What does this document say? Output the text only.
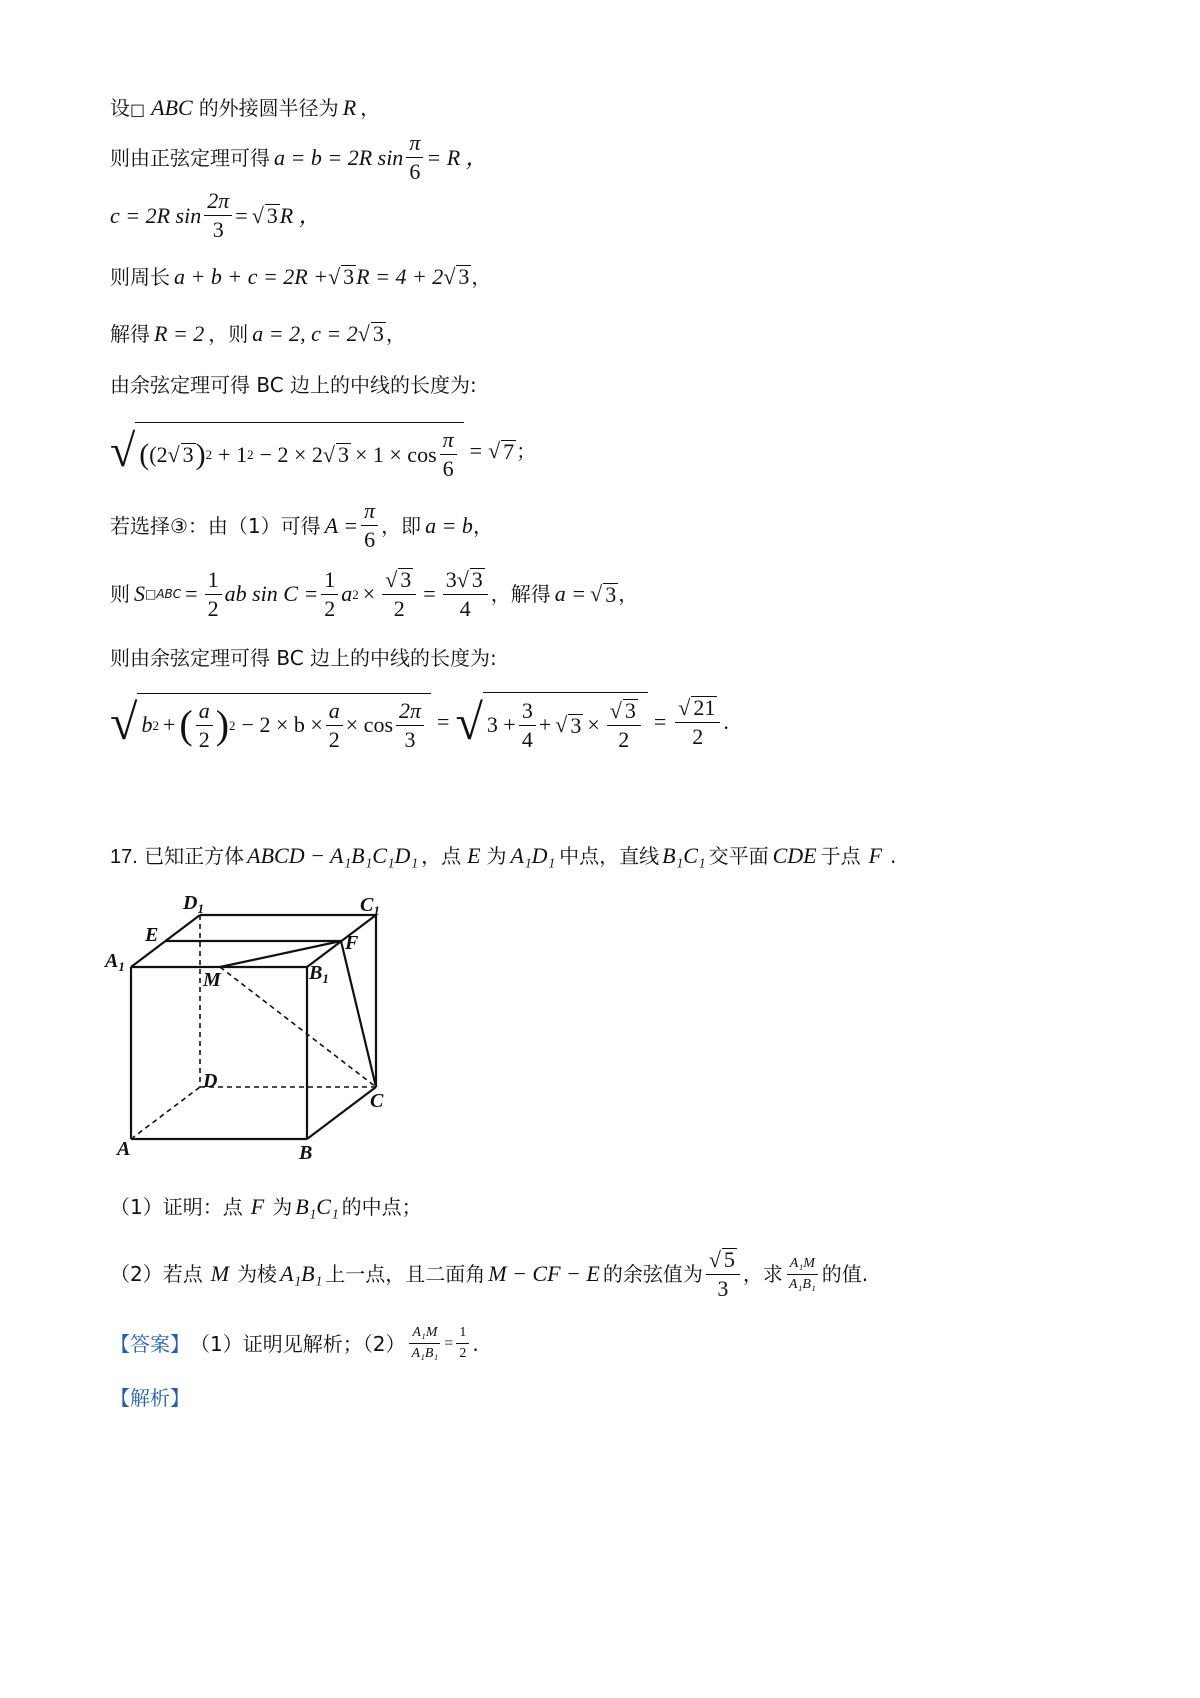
设□ ABC 的外接圆半径为 R ，
则由正弦定理可得 a = b = 2R $\sin \frac{\pi}{6} = R$ ，
c = 2R $\sin \frac{2\pi}{3}$ = √ 3 R ，
则周长 a + b + c = 2R +√ 3R = 4 + 2√ 3 ，
解得 R = 2 ，则 a = 2, c = 2√ 3 ，
由余弦定理可得 BC 边上的中线的长度为:
√ ( (2 √ 3 ) 2 + 1 2 − 2 × 2 √ $3 \times 1 \times \cos \frac{\pi}{6}$ = √ 7 ；
若选择③：由（1）可得 $A = \frac{\pi}{6}$ ，即 a = b ，
则 S □ABC = $\frac{1}{2}$ ab $\sin C = \frac{1}{2}$ a $2 \times \frac{√ 3}{2} = \frac{3√ 3}{4}$ ，解得 a = √ 3 ，
则由余弦定理可得 BC 边上的中线的长度为:
√ b 2 + ( $\frac{a}{2}$ ) $2 - 2 \times b \times \frac{a}{2} \times \cos \frac{2\pi}{3}$ = √ $3 + \frac{3}{4}$ + √ $3 \times \frac{√ 3}{2} = \frac{√ 21}{2}$ .
17. 已知正方体 ABCD − A₁B₁C₁D₁ ，点 E 为 A₁D₁ 中点，直线 B₁C₁ 交平面 CDE 于点 F .
$D_1$	$C_1$
E	F
$A_1$
M	$B_1$
D
C
A	B
（1）证明：点 F 为 B₁C₁ 的中点；
（2）若点 M 为棱 A₁B₁ 上一点，且二面角 M − CF − E 的余弦值为 $\frac{√ 5}{3}$ ，求 $\frac{\text{A₁M}}{\text{A₁B₁}}$ 的值.
【答案】 （1）证明见解析；$(2) \frac{\text{A₁M}}{\text{A₁B₁}} = \frac{1}{2}$ .
【解析】
